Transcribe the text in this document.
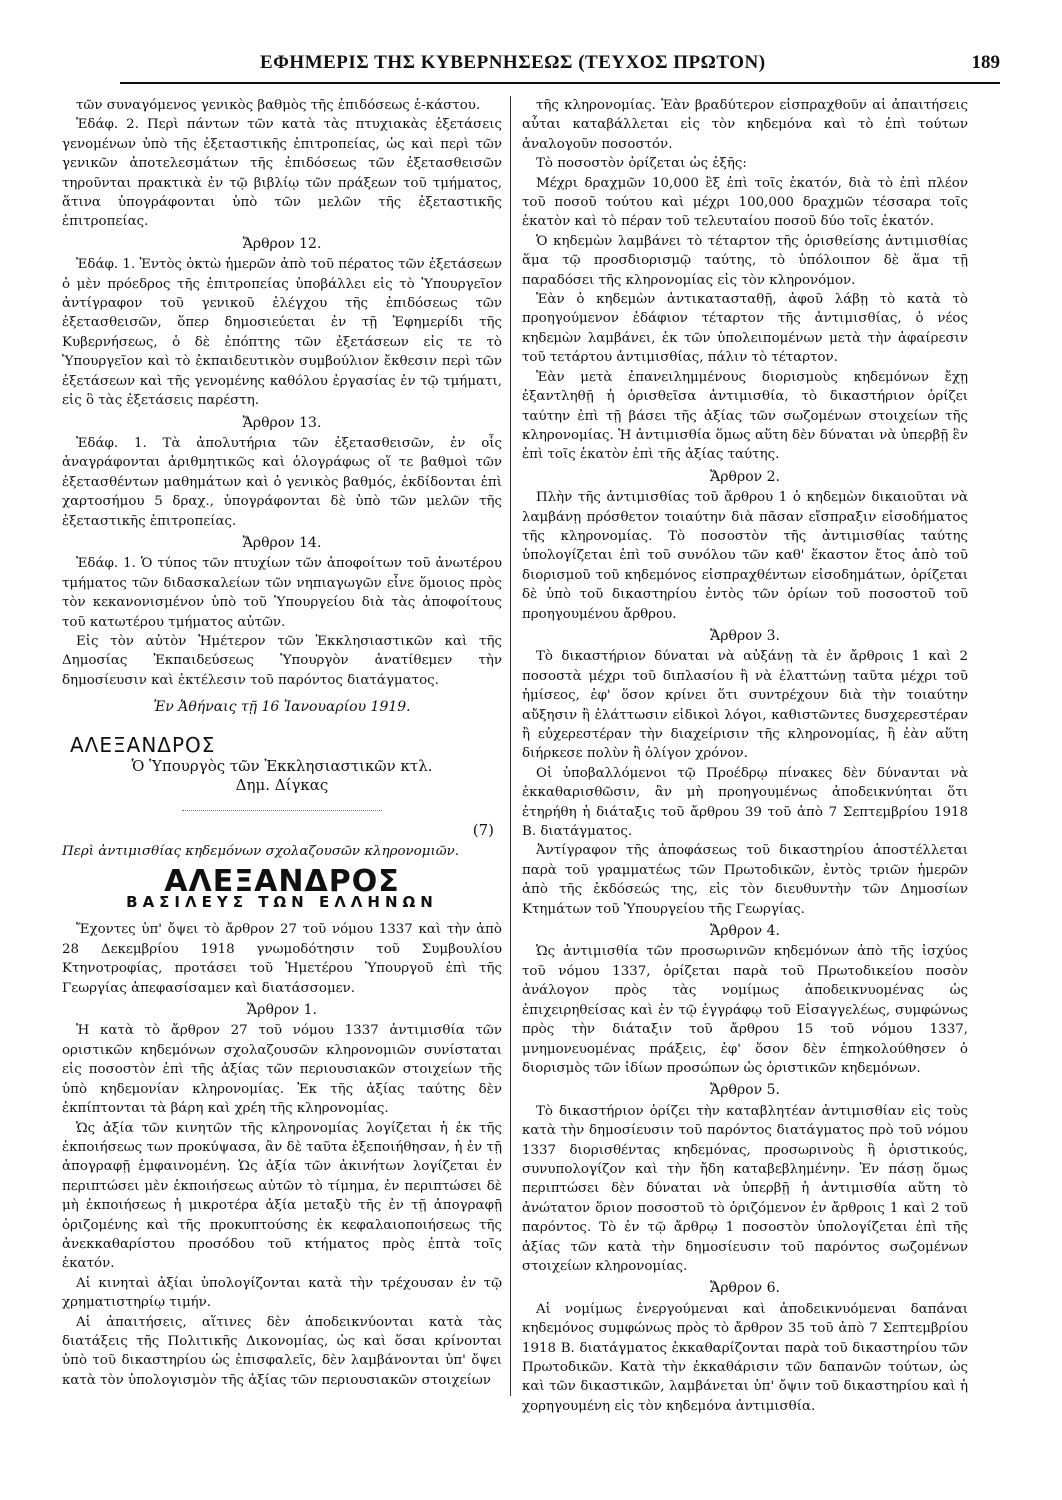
ΕΦΗΜΕΡΙΣ ΤΗΣ ΚΥΒΕΡΝΗΣΕΩΣ (ΤΕΥΧΟΣ ΠΡΩΤΟΝ)	189

τῶν συναγόμενος γενικὸς βαθμὸς τῆς ἐπιδόσεως ἑ-κάστου.

Ἐδάφ. 2. Περὶ πάντων τῶν κατὰ τὰς πτυχιακὰς ἐξετάσεις γενομένων ὑπὸ τῆς ἐξεταστικῆς ἐπιτροπείας, ὡς καὶ περὶ τῶν γενικῶν ἀποτελεσμάτων τῆς ἐπιδόσεως τῶν ἐξετασθεισῶν τηροῦνται πρακτικὰ ἐν τῷ βιβλίῳ τῶν πράξεων τοῦ τμήματος, ἅτινα ὑπογράφονται ὑπὸ τῶν μελῶν τῆς ἐξεταστικῆς ἐπιτροπείας.

Ἄρθρον 12.

Ἐδάφ. 1. Ἐντὸς ὀκτὼ ἡμερῶν ἀπὸ τοῦ πέρατος τῶν ἐξετάσεων ὁ μὲν πρόεδρος τῆς ἐπιτροπείας ὑποβάλλει εἰς τὸ Ὑπουργεῖον ἀντίγραφον τοῦ γενικοῦ ἐλέγχου τῆς ἐπιδόσεως τῶν ἐξετασθεισῶν, ὅπερ δημοσιεύεται ἐν τῇ Ἐφημερίδι τῆς Κυβερνήσεως, ὁ δὲ ἐπόπτης τῶν ἐξετάσεων εἰς τε τὸ Ὑπουργεῖον καὶ τὸ ἐκπαιδευτικὸν συμβούλιον ἔκθεσιν περὶ τῶν ἐξετάσεων καὶ τῆς γενομένης καθόλου ἐργασίας ἐν τῷ τμήματι, εἰς ὃ τὰς ἐξετάσεις παρέστη.

Ἄρθρον 13.

Ἐδάφ. 1. Τὰ ἀπολυτήρια τῶν ἐξετασθεισῶν, ἐν οἷς ἀναγράφονται ἀριθμητικῶς καὶ ὁλογράφως οἵ τε βαθμοὶ τῶν ἐξετασθέντων μαθημάτων καὶ ὁ γενικὸς βαθμός, ἐκδίδονται ἐπὶ χαρτοσήμου 5 δραχ., ὑπογράφονται δὲ ὑπὸ τῶν μελῶν τῆς ἐξεταστικῆς ἐπιτροπείας.

Ἄρθρον 14.

Ἐδάφ. 1. Ὁ τύπος τῶν πτυχίων τῶν ἀποφοίτων τοῦ ἀνωτέρου τμήματος τῶν διδασκαλείων τῶν νηπιαγωγῶν εἶνε ὅμοιος πρὸς τὸν κεκανονισμένον ὑπὸ τοῦ Ὑπουργείου διὰ τὰς ἀποφοίτους τοῦ κατωτέρου τμήματος αὐτῶν.

Εἰς τὸν αὐτὸν Ἡμέτερον τῶν Ἐκκλησιαστικῶν καὶ τῆς Δημοσίας Ἐκπαιδεύσεως Ὑπουργὸν ἀνατίθεμεν τὴν δημοσίευσιν καὶ ἐκτέλεσιν τοῦ παρόντος διατάγματος.

Ἐν Ἀθήναις τῇ 16 Ἰανουαρίου 1919.
ΑΛΕΞΑΝΔΡΟΣ
Ὁ Ὑπουργὸς τῶν Ἐκκλησιαστικῶν κτλ.
Δημ. Δίγκας
(7)

Περὶ ἀντιμισθίας κηδεμόνων σχολαζουσῶν κληρονομιῶν.

ΑΛΕΞΑΝΔΡΟΣ
ΒΑΣΙΛΕΥΣ ΤΩΝ ΕΛΛΗΝΩΝ

Ἔχοντες ὑπ' ὄψει τὸ ἄρθρον 27 τοῦ νόμου 1337 καὶ τὴν ἀπὸ 28 Δεκεμβρίου 1918 γνωμοδότησιν τοῦ Συμβουλίου Κτηνοτροφίας, προτάσει τοῦ Ἡμετέρου Ὑπουργοῦ ἐπὶ τῆς Γεωργίας ἀπεφασίσαμεν καὶ διατάσσομεν.

Ἄρθρον 1.

Ἡ κατὰ τὸ ἄρθρον 27 τοῦ νόμου 1337 ἀντιμισθία τῶν οριστικῶν κηδεμόνων σχολαζουσῶν κληρονομιῶν συνίσταται εἰς ποσοστὸν ἐπὶ τῆς ἀξίας τῶν περιουσιακῶν στοιχείων τῆς ὑπὸ κηδεμονίαν κληρονομίας. Ἐκ τῆς ἀξίας ταύτης δὲν ἐκπίπτονται τὰ βάρη καὶ χρέη τῆς κληρονομίας.

Ὡς ἀξία τῶν κινητῶν τῆς κληρονομίας λογίζεται ἡ ἐκ τῆς ἐκποιήσεως των προκύψασα, ἂν δὲ ταῦτα ἐξεποιήθησαν, ἡ ἐν τῇ ἀπογραφῇ ἐμφαινομένη. Ὡς ἀξία τῶν ἀκινήτων λογίζεται ἐν περιπτώσει μὲν ἐκποιήσεως αὐτῶν τὸ τίμημα, ἐν περιπτώσει δὲ μὴ ἐκποιήσεως ἡ μικροτέρα ἀξία μεταξὺ τῆς ἐν τῇ ἀπογραφῇ ὁριζομένης καὶ τῆς προκυπτούσης ἐκ κεφαλαιοποιήσεως τῆς ἀνεκκαθαρίστου προσόδου τοῦ κτήματος πρὸς ἐπτὰ τοῖς ἑκατόν.

Αἱ κινηταὶ ἀξίαι ὑπολογίζονται κατὰ τὴν τρέχουσαν ἐν τῷ χρηματιστηρίῳ τιμήν.

Αἱ ἀπαιτήσεις, αἵτινες δὲν ἀποδεικνύονται κατὰ τὰς διατάξεις τῆς Πολιτικῆς Δικονομίας, ὡς καὶ ὅσαι κρίνονται ὑπὸ τοῦ δικαστηρίου ὡς ἐπισφαλεῖς, δὲν λαμβάνονται ὑπ' ὄψει κατὰ τὸν ὑπολογισμὸν τῆς ἀξίας τῶν περιουσιακῶν στοιχείων

τῆς κληρονομίας. Ἐὰν βραδύτερον εἰσπραχθοῦν αἱ ἀπαιτήσεις αὗται καταβάλλεται εἰς τὸν κηδεμόνα καὶ τὸ ἐπὶ τούτων ἀναλογοῦν ποσοστόν.

Τὸ ποσοστὸν ὁρίζεται ὡς ἑξῆς:

Μέχρι δραχμῶν 10,000 ἓξ ἐπὶ τοῖς ἑκατόν, διὰ τὸ ἐπὶ πλέον τοῦ ποσοῦ τούτου καὶ μέχρι 100,000 δραχμῶν τέσσαρα τοῖς ἑκατὸν καὶ τὸ πέραν τοῦ τελευταίου ποσοῦ δύο τοῖς ἑκατόν.

Ὁ κηδεμὼν λαμβάνει τὸ τέταρτον τῆς ὁρισθείσης ἀντιμισθίας ἅμα τῷ προσδιορισμῷ ταύτης, τὸ ὑπόλοιπον δὲ ἅμα τῇ παραδόσει τῆς κληρονομίας εἰς τὸν κληρονόμον.

Ἐὰν ὁ κηδεμὼν ἀντικατασταθῇ, ἀφοῦ λάβῃ τὸ κατὰ τὸ προηγούμενον ἐδάφιον τέταρτον τῆς ἀντιμισθίας, ὁ νέος κηδεμὼν λαμβάνει, ἐκ τῶν ὑπολειπομένων μετὰ τὴν ἀφαίρεσιν τοῦ τετάρτου ἀντιμισθίας, πάλιν τὸ τέταρτον.

Ἐὰν μετὰ ἐπανειλημμένους διορισμοὺς κηδεμόνων ἔχῃ ἐξαντληθῇ ἡ ὁρισθεῖσα ἀντιμισθία, τὸ δικαστήριον ὁρίζει ταύτην ἐπὶ τῇ βάσει τῆς ἀξίας τῶν σωζομένων στοιχείων τῆς κληρονομίας. Ἡ ἀντιμισθία ὅμως αὕτη δὲν δύναται νὰ ὑπερβῇ ἓν ἐπὶ τοῖς ἑκατὸν ἐπὶ τῆς ἀξίας ταύτης.

Ἄρθρον 2.

Πλὴν τῆς ἀντιμισθίας τοῦ ἄρθρου 1 ὁ κηδεμὼν δικαιοῦται νὰ λαμβάνῃ πρόσθετον τοιαύτην διὰ πᾶσαν εἴσπραξιν εἰσοδήματος τῆς κληρονομίας. Τὸ ποσοστὸν τῆς ἀντιμισθίας ταύτης ὑπολογίζεται ἐπὶ τοῦ συνόλου τῶν καθ' ἕκαστον ἔτος ἀπὸ τοῦ διορισμοῦ τοῦ κηδεμόνος εἰσπραχθέντων εἰσοδημάτων, ὁρίζεται δὲ ὑπὸ τοῦ δικαστηρίου ἐντὸς τῶν ὁρίων τοῦ ποσοστοῦ τοῦ προηγουμένου ἄρθρου.

Ἄρθρον 3.

Τὸ δικαστήριον δύναται νὰ αὐξάνῃ τὰ ἐν ἄρθροις 1 καὶ 2 ποσοστὰ μέχρι τοῦ διπλασίου ἢ νὰ ἐλαττώνῃ ταῦτα μέχρι τοῦ ἡμίσεος, ἐφ' ὅσον κρίνει ὅτι συντρέχουν διὰ τὴν τοιαύτην αὔξησιν ἢ ἐλάττωσιν εἰδικοὶ λόγοι, καθιστῶντες δυσχερεστέραν ἢ εὐχερεστέραν τὴν διαχείρισιν τῆς κληρονομίας, ἢ ἐὰν αὕτη διήρκεσε πολὺν ἢ ὀλίγον χρόνον.

Οἱ ὑποβαλλόμενοι τῷ Προέδρῳ πίνακες δὲν δύνανται νὰ ἐκκαθαρισθῶσιν, ἂν μὴ προηγουμένως ἀποδεικνύηται ὅτι ἐτηρήθη ἡ διάταξις τοῦ ἄρθρου 39 τοῦ ἀπὸ 7 Σεπτεμβρίου 1918 Β. διατάγματος.

Ἀντίγραφον τῆς ἀποφάσεως τοῦ δικαστηρίου ἀποστέλλεται παρὰ τοῦ γραμματέως τῶν Πρωτοδικῶν, ἐντὸς τριῶν ἡμερῶν ἀπὸ τῆς ἐκδόσεώς της, εἰς τὸν διευθυντὴν τῶν Δημοσίων Κτημάτων τοῦ Ὑπουργείου τῆς Γεωργίας.

Ἄρθρον 4.

Ὡς ἀντιμισθία τῶν προσωρινῶν κηδεμόνων ἀπὸ τῆς ἰσχύος τοῦ νόμου 1337, ὁρίζεται παρὰ τοῦ Πρωτοδικείου ποσὸν ἀνάλογον πρὸς τὰς νομίμως ἀποδεικνυομένας ὡς ἐπιχειρηθείσας καὶ ἐν τῷ ἐγγράφῳ τοῦ Εἰσαγγελέως, συμφώνως πρὸς τὴν διάταξιν τοῦ ἄρθρου 15 τοῦ νόμου 1337, μνημονευομένας πράξεις, ἐφ' ὅσον δὲν ἐπηκολούθησεν ὁ διορισμὸς τῶν ἰδίων προσώπων ὡς ὁριστικῶν κηδεμόνων.

Ἄρθρον 5.

Τὸ δικαστήριον ὁρίζει τὴν καταβλητέαν ἀντιμισθίαν εἰς τοὺς κατὰ τὴν δημοσίευσιν τοῦ παρόντος διατάγματος πρὸ τοῦ νόμου 1337 διορισθέντας κηδεμόνας, προσωρινοὺς ἢ ὁριστικούς, συνυπολογίζον καὶ τὴν ἤδη καταβεβλημένην. Ἐν πάσῃ ὅμως περιπτώσει δὲν δύναται νὰ ὑπερβῇ ἡ ἀντιμισθία αὕτη τὸ ἀνώτατον ὅριον ποσοστοῦ τὸ ὁριζόμενον ἐν ἄρθροις 1 καὶ 2 τοῦ παρόντος. Τὸ ἐν τῷ ἄρθρῳ 1 ποσοστὸν ὑπολογίζεται ἐπὶ τῆς ἀξίας τῶν κατὰ τὴν δημοσίευσιν τοῦ παρόντος σωζομένων στοιχείων κληρονομίας.

Ἄρθρον 6.

Αἱ νομίμως ἐνεργούμεναι καὶ ἀποδεικνυόμεναι δαπάναι κηδεμόνος συμφώνως πρὸς τὸ ἄρθρον 35 τοῦ ἀπὸ 7 Σεπτεμβρίου 1918 Β. διατάγματος ἐκκαθαρίζονται παρὰ τοῦ δικαστηρίου τῶν Πρωτοδικῶν. Κατὰ τὴν ἐκκαθάρισιν τῶν δαπανῶν τούτων, ὡς καὶ τῶν δικαστικῶν, λαμβάνεται ὑπ' ὄψιν τοῦ δικαστηρίου καὶ ἡ χορηγουμένη εἰς τὸν κηδεμόνα ἀντιμισθία.
